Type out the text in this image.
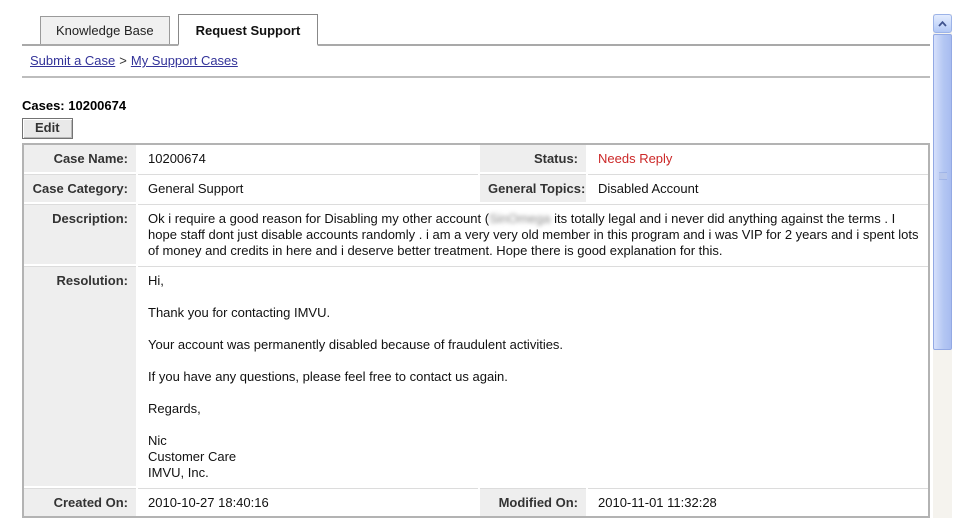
Knowledge Base	Request Support
Submit a Case > My Support Cases
Cases: 10200674
Edit
Case Name:	10200674	Status:	Needs Reply
Case Category:	General Support	General Topics: Disabled Account
Description:	Ok i require a good reason for Disabling my other account (SinOmega its totally legal and i never did anything against the terms . I hope staff dont just disable accounts randomly . i am a very very old member in this program and i was VIP for 2 years and i spent lots of money and credits in here and i deserve better treatment. Hope there is good explanation for this.
Resolution:	Hi,

Thank you for contacting IMVU.

Your account was permanently disabled because of fraudulent activities.

If you have any questions, please feel free to contact us again.

Regards,

Nic
Customer Care
IMVU, Inc.
Created On:	2010-10-27 18:40:16	Modified On:	2010-11-01 11:32:28
